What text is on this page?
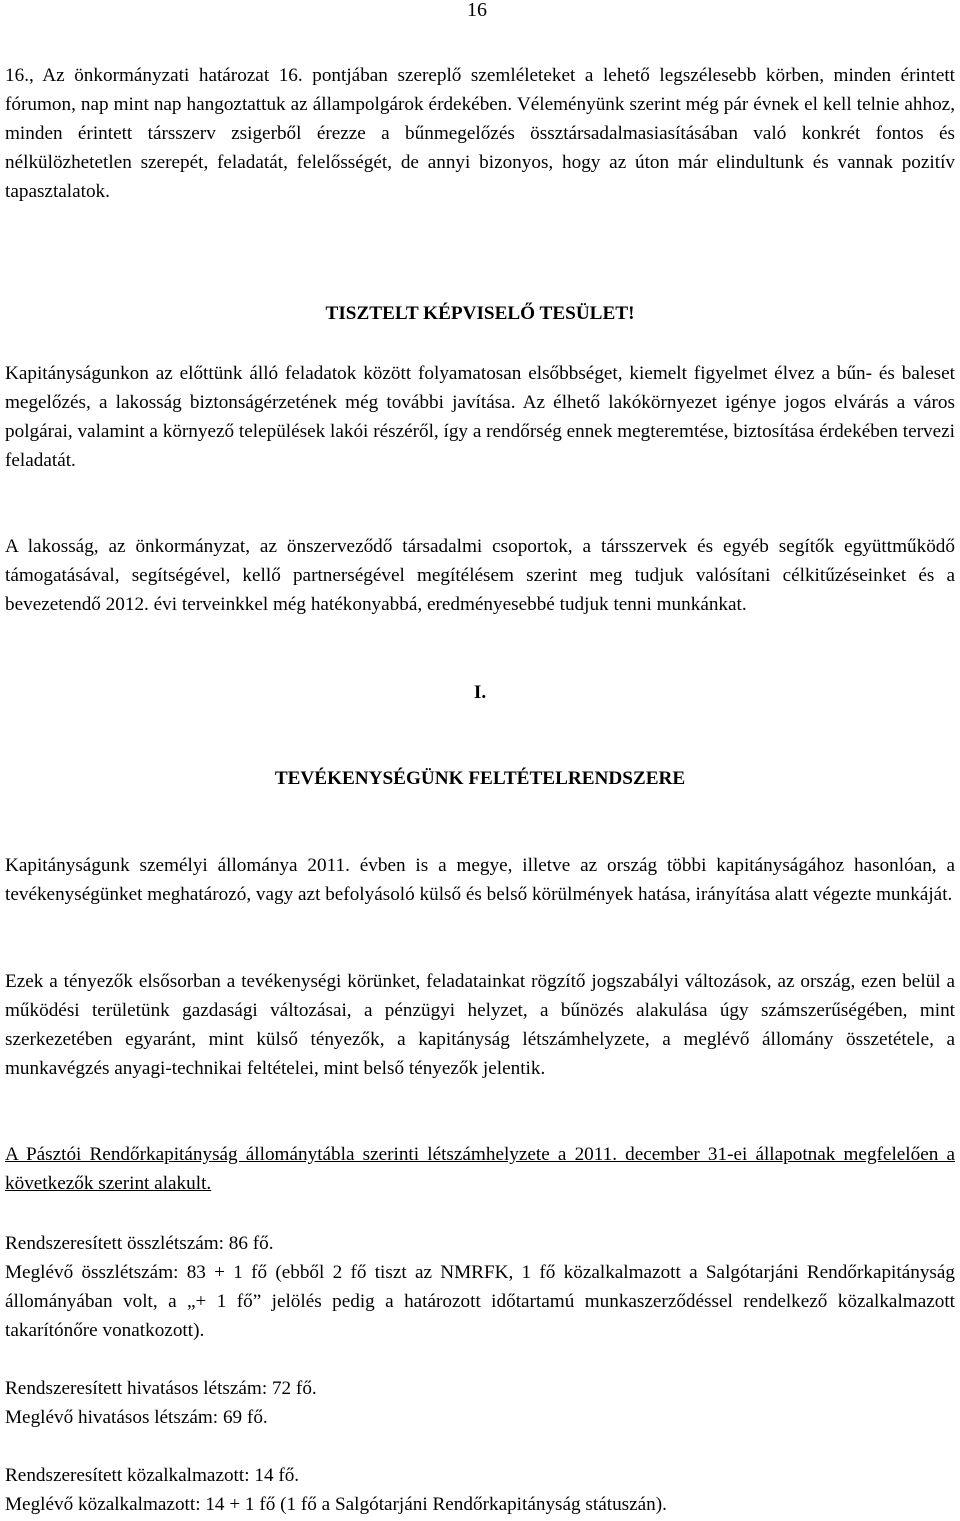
16

16., Az önkormányzati határozat 16. pontjában szereplő szemléleteket a lehető legszélesebb körben, minden érintett fórumon, nap mint nap hangoztattuk az állampolgárok érdekében. Véleményünk szerint még pár évnek el kell telnie ahhoz, minden érintett társszerv zsigerből érezze a bűnmegelőzés össztársadalmasiasításában való konkrét fontos és nélkülözhetetlen szerepét, feladatát, felelősségét, de annyi bizonyos, hogy az úton már elindultunk és vannak pozitív tapasztalatok.

TISZTELT KÉPVISELŐ TESÜLET!

Kapitányságunkon az előttünk álló feladatok között folyamatosan elsőbbséget, kiemelt figyelmet élvez a bűn- és baleset megelőzés, a lakosság biztonságérzetének még további javítása. Az élhető lakókörnyezet igénye jogos elvárás a város polgárai, valamint a környező települések lakói részéről, így a rendőrség ennek megteremtése, biztosítása érdekében tervezi feladatát.

A lakosság, az önkormányzat, az önszerveződő társadalmi csoportok, a társszervek és egyéb segítők együttműködő támogatásával, segítségével, kellő partnerségével megítélésem szerint meg tudjuk valósítani célkitűzéseinket és a bevezetendő 2012. évi terveinkkel még hatékonyabbá, eredményesebbé tudjuk tenni munkánkat.

I.

TEVÉKENYSÉGÜNK FELTÉTELRENDSZERE

Kapitányságunk személyi állománya 2011. évben is a megye, illetve az ország többi kapitányságához hasonlóan, a tevékenységünket meghatározó, vagy azt befolyásoló külső és belső körülmények hatása, irányítása alatt végezte munkáját.

Ezek a tényezők elsősorban a tevékenységi körünket, feladatainkat rögzítő jogszabályi változások, az ország, ezen belül a működési területünk gazdasági változásai, a pénzügyi helyzet, a bűnözés alakulása úgy számszerűségében, mint szerkezetében egyaránt, mint külső tényezők, a kapitányság létszámhelyzete, a meglévő állomány összetétele, a munkavégzés anyagi-technikai feltételei, mint belső tényezők jelentik.

A Pásztói Rendőrkapitányság állománytábla szerinti létszámhelyzete a 2011. december 31-ei állapotnak megfelelően a következők szerint alakult.

Rendszeresített összlétszám: 86 fő.

Meglévő összlétszám: 83 + 1 fő (ebből 2 fő tiszt az NMRFK, 1 fő közalkalmazott a Salgótarjáni Rendőrkapitányság állományában volt, a „+ 1 fő” jelölés pedig a határozott időtartamú munkaszerződéssel rendelkező közalkalmazott takarítónőre vonatkozott).

Rendszeresített hivatásos létszám: 72 fő.

Meglévő hivatásos létszám: 69 fő.

Rendszeresített közalkalmazott: 14 fő.

Meglévő közalkalmazott: 14 + 1 fő (1 fő a Salgótarjáni Rendőrkapitányság státuszán).
